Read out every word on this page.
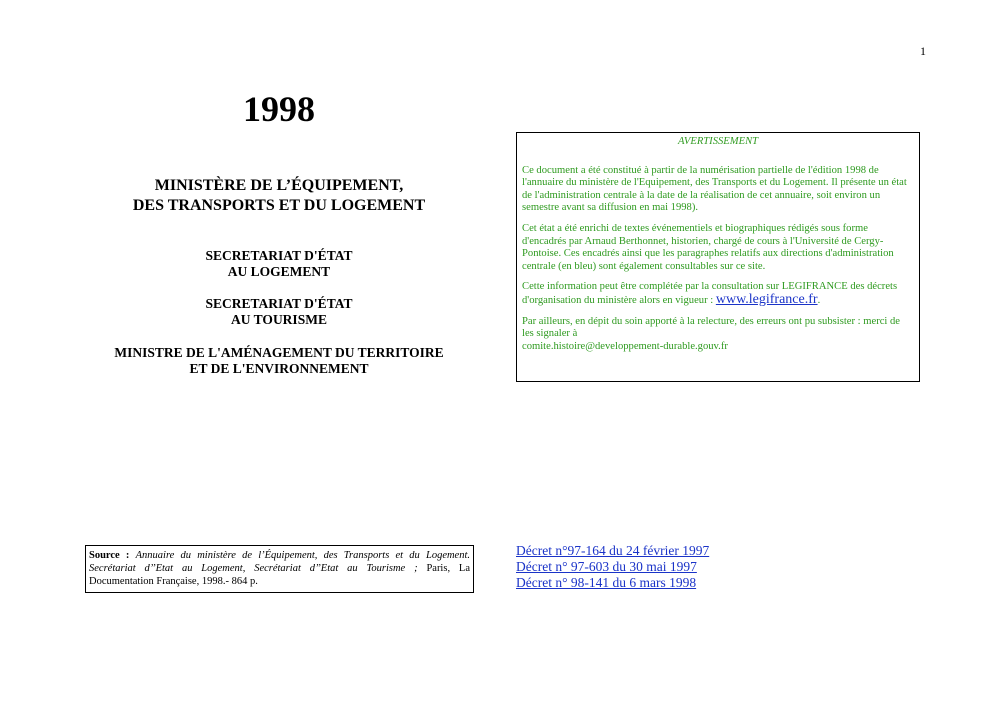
1
1998
MINISTÈRE DE L’ÉQUIPEMENT,
DES TRANSPORTS ET DU LOGEMENT
SECRETARIAT D'ÉTAT
AU LOGEMENT
SECRETARIAT D'ÉTAT
AU TOURISME
MINISTRE DE L'AMÉNAGEMENT DU TERRITOIRE
ET DE L'ENVIRONNEMENT
AVERTISSEMENT

Ce document a été constitué à partir de la numérisation partielle de l'édition 1998 de l'annuaire du ministère de l'Equipement, des Transports et du Logement. Il présente un état de l'administration centrale à la date de la réalisation de cet annuaire, soit environ un semestre avant sa diffusion en mai 1998).

Cet état a été enrichi de textes événementiels et biographiques rédigés sous forme d'encadrés par Arnaud Berthonnet, historien, chargé de cours à l'Université de Cergy-Pontoise. Ces encadrés ainsi que les paragraphes relatifs aux directions d'administration centrale (en bleu) sont également consultables sur ce site.

Cette information peut être complétée par la consultation sur LEGIFRANCE des décrets d'organisation du ministère alors en vigueur : www.legifrance.fr.

Par ailleurs, en dépit du soin apporté à la relecture, des erreurs ont pu subsister : merci de les signaler à
comite.histoire@developpement-durable.gouv.fr

Source : Annuaire du ministère de l’Équipement, des Transports et du Logement. Secrétariat d’’Etat au Logement, Secrétariat d’’Etat au Tourisme ; Paris, La Documentation Française, 1998.- 864 p.
Décret n°97-164 du 24 février 1997
Décret n° 97-603 du 30 mai 1997
Décret n° 98-141 du 6 mars 1998
